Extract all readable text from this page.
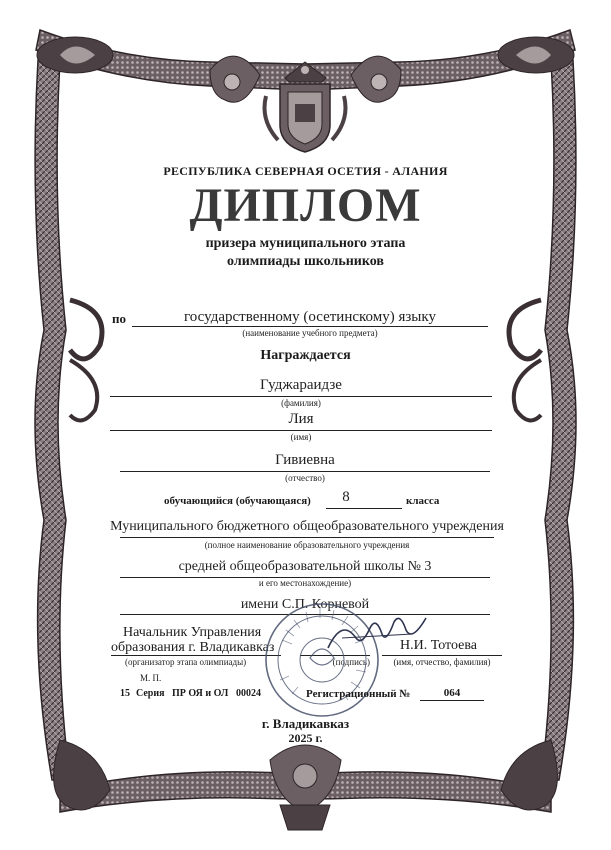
РЕСПУБЛИКА СЕВЕРНАЯ ОСЕТИЯ - АЛАНИЯ
ДИПЛОМ
призера муниципального этапа
олимпиады школьников
по	государственному (осетинскому) языку
(наименование учебного предмета)
Награждается
Гуджараидзе
(фамилия)
Лия
(имя)
Гивиевна
(отчество)
обучающийся (обучающаяся)	8	класса
Муниципального бюджетного общеобразовательного учреждения
(полное наименование образовательного учреждения
средней общеобразовательной школы № 3
и его местонахождение)
имени С.П. Корневой
Начальник Управления
образования г. Владикавказ
(организатор этапа олимпиады)	(подпись)
Н.И. Тотоева
(имя, отчество, фамилия)
М. П.
15 Серия ПР ОЯ и ОЛ 00024	Регистрационный №	064
г. Владикавказ
2025 г.
